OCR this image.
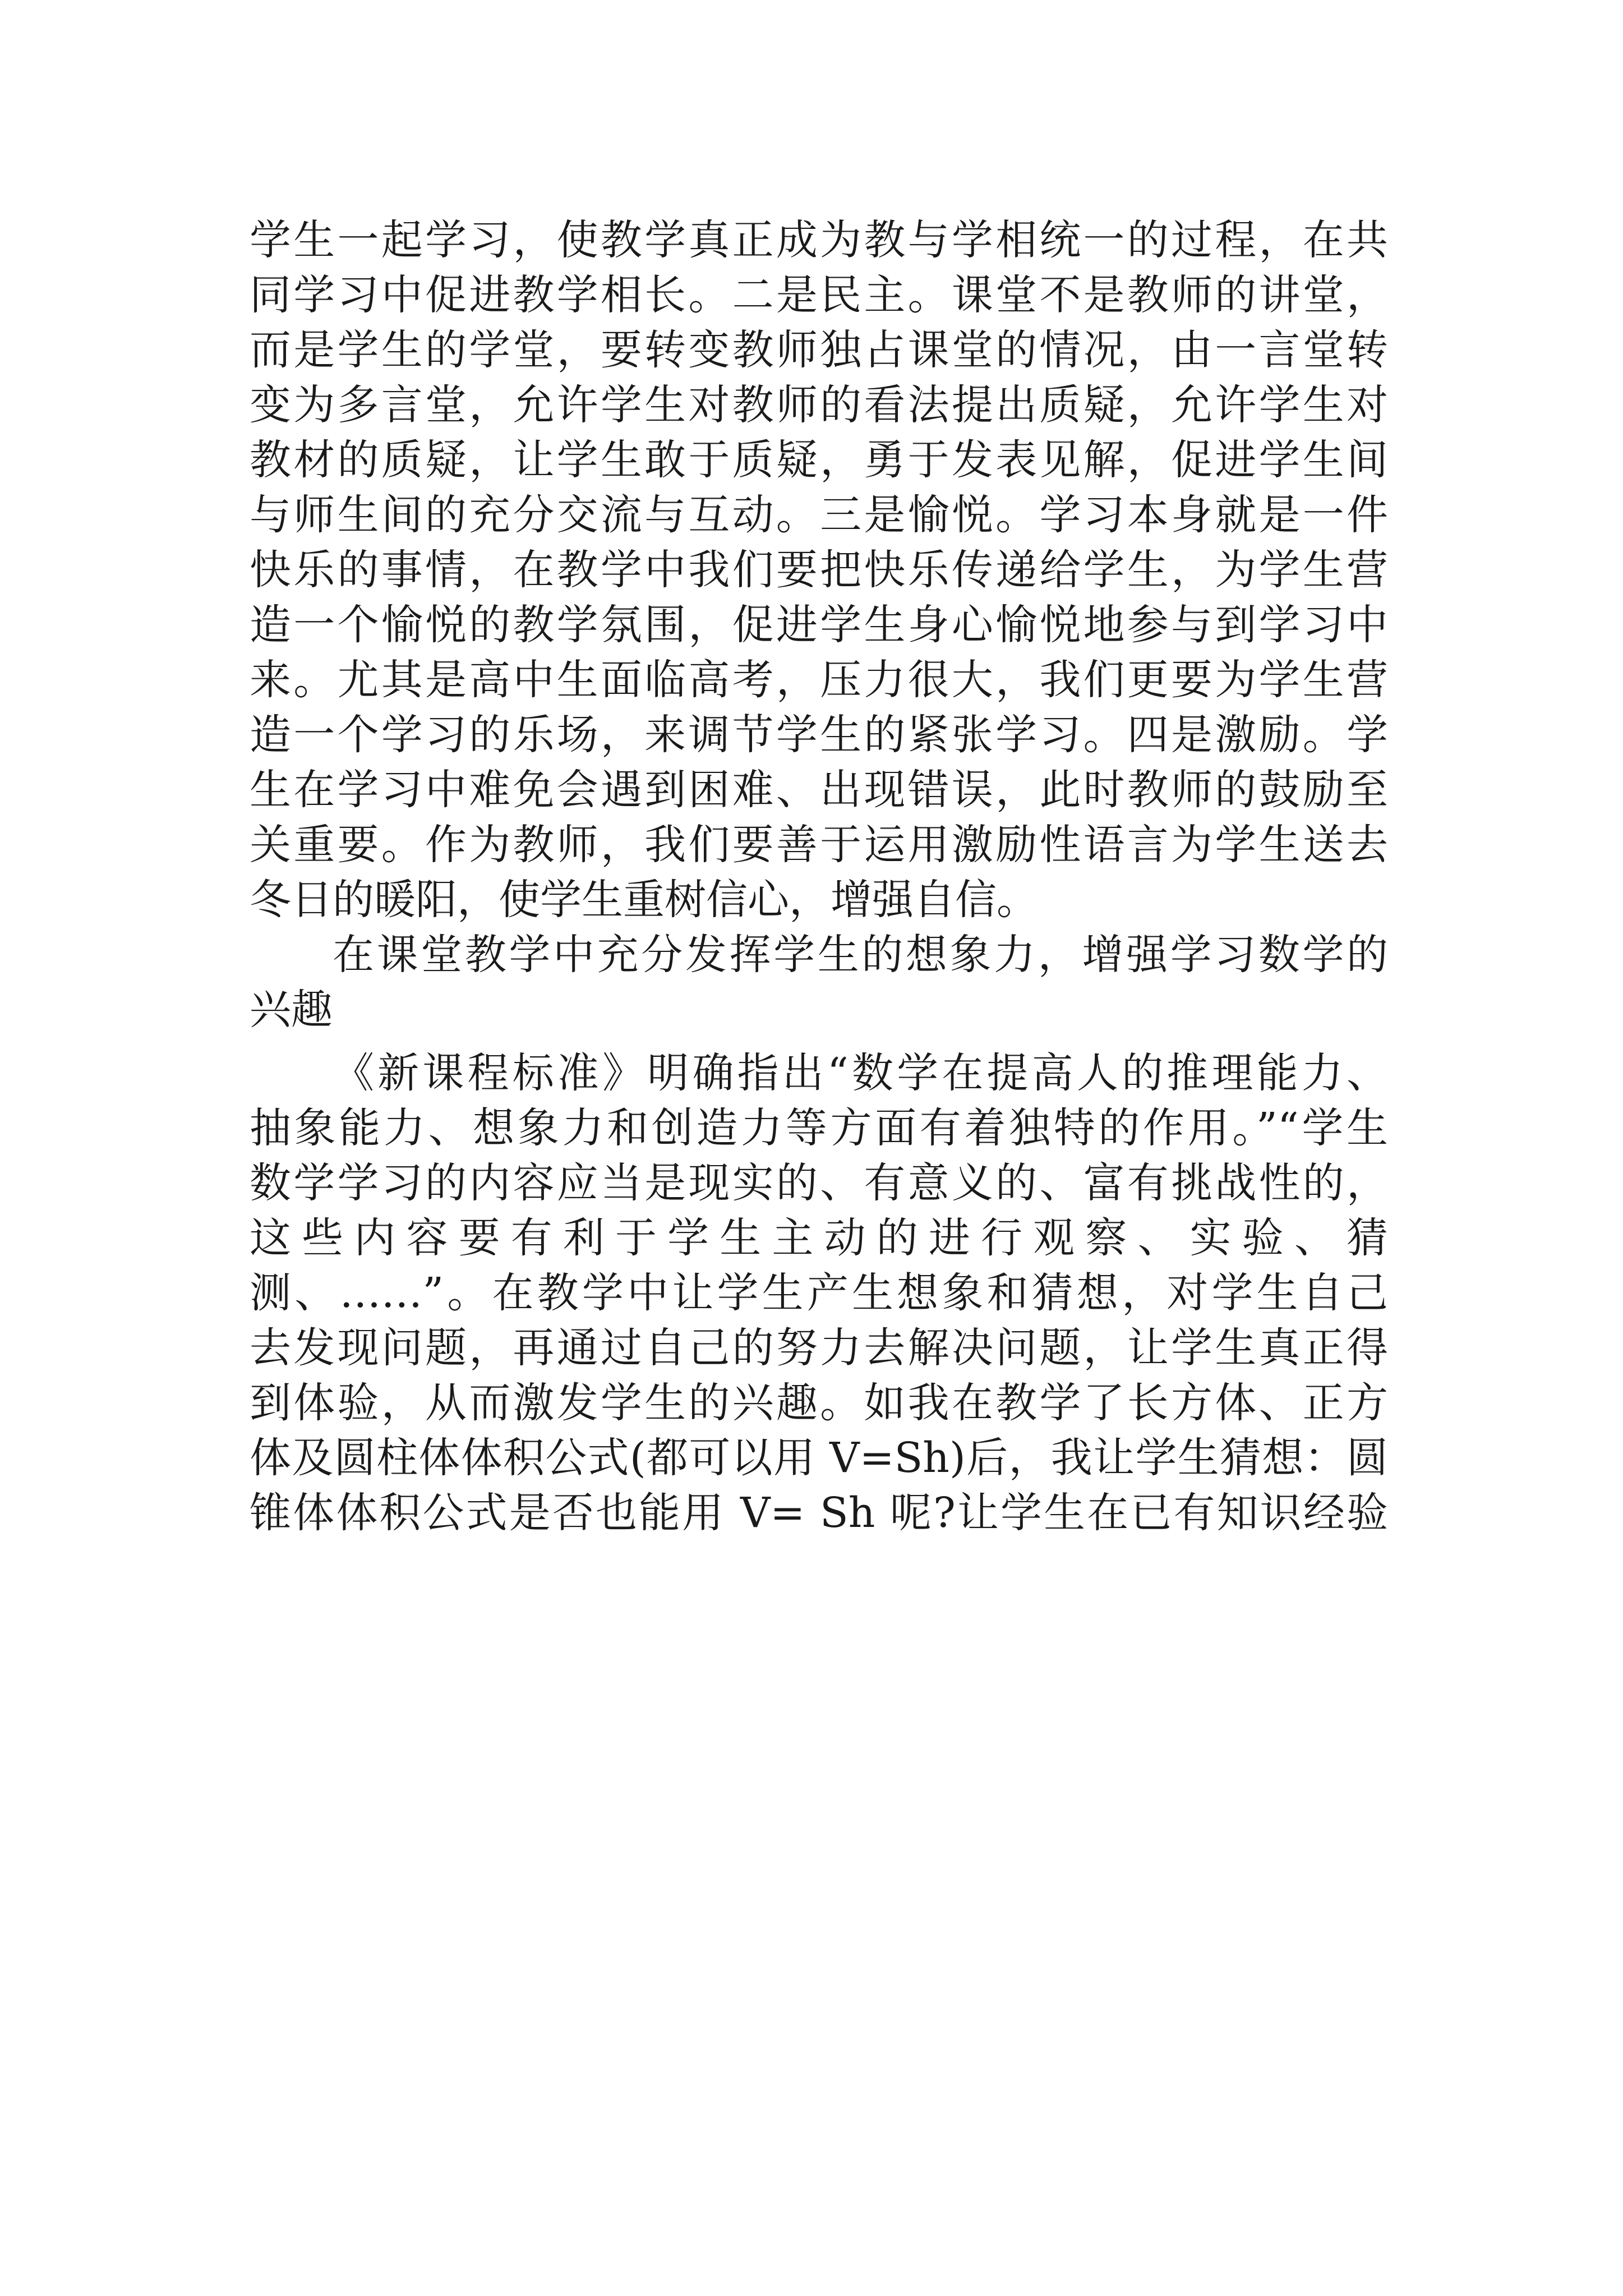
学生一起学习，使教学真正成为教与学相统一的过程，在共
同学习中促进教学相长。二是民主。课堂不是教师的讲堂，
而是学生的学堂，要转变教师独占课堂的情况，由一言堂转
变为多言堂，允许学生对教师的看法提出质疑，允许学生对
教材的质疑，让学生敢于质疑，勇于发表见解，促进学生间
与师生间的充分交流与互动。三是愉悦。学习本身就是一件
快乐的事情，在教学中我们要把快乐传递给学生，为学生营
造一个愉悦的教学氛围，促进学生身心愉悦地参与到学习中
来。尤其是高中生面临高考，压力很大，我们更要为学生营
造一个学习的乐场，来调节学生的紧张学习。四是激励。学
生在学习中难免会遇到困难、出现错误，此时教师的鼓励至
关重要。作为教师，我们要善于运用激励性语言为学生送去
冬日的暖阳，使学生重树信心，增强自信。
在课堂教学中充分发挥学生的想象力，增强学习数学的
兴趣
《新课程标准》明确指出“数学在提高人的推理能力、
抽象能力、想象力和创造力等方面有着独特的作用。”“学生
数学学习的内容应当是现实的、有意义的、富有挑战性的，
这些内容要有利于学生主动的进行观察、实验、猜
测、……”。在教学中让学生产生想象和猜想，对学生自己
去发现问题，再通过自己的努力去解决问题，让学生真正得
到体验，从而激发学生的兴趣。如我在教学了长方体、正方
体及圆柱体体积公式(都可以用 V=Sh)后，我让学生猜想：圆
锥体体积公式是否也能用 V= Sh 呢?让学生在已有知识经验
